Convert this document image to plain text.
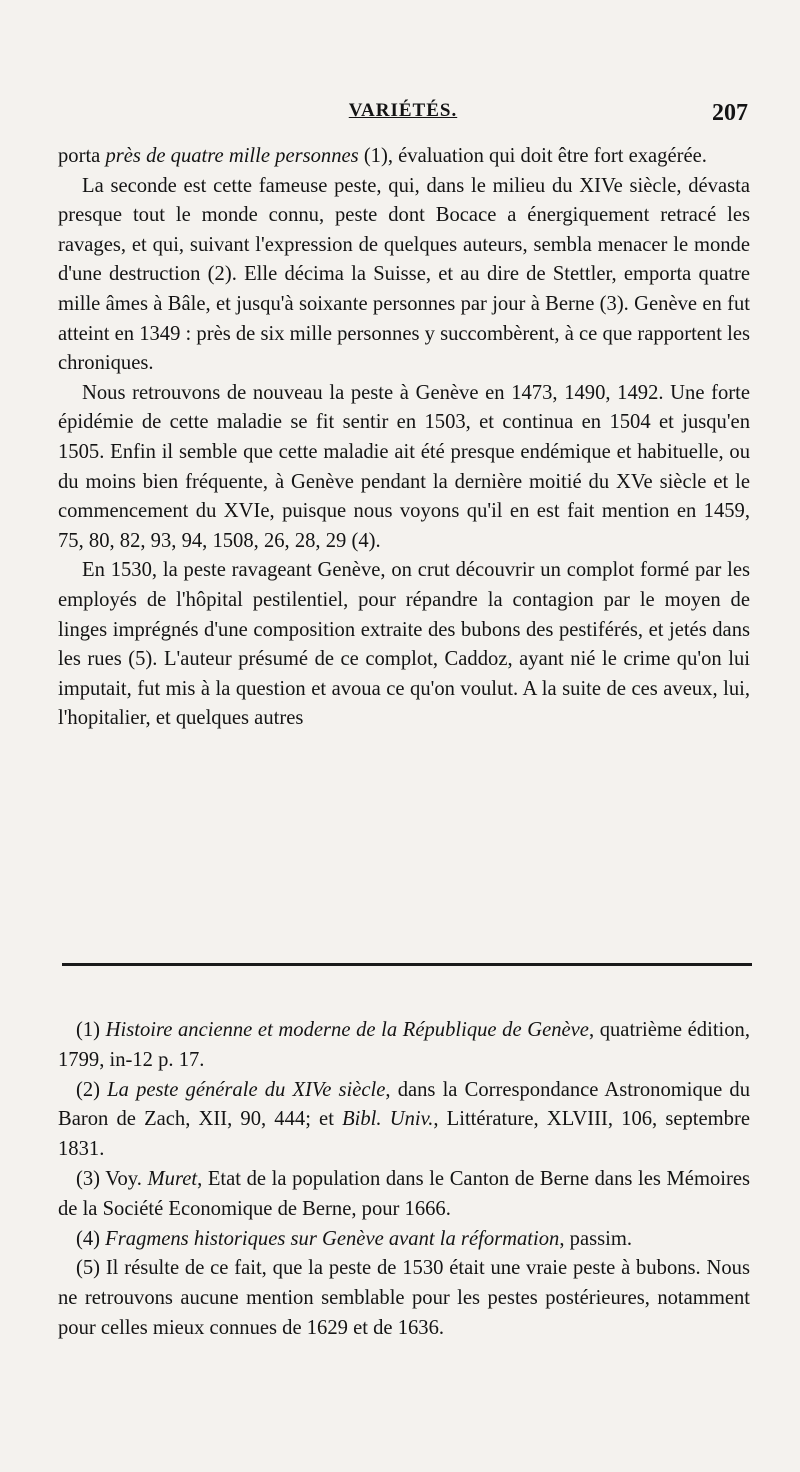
VARIÉTÉS.	207

porta près de quatre mille personnes (1), évaluation qui doit être fort exagérée.

La seconde est cette fameuse peste, qui, dans le milieu du XIVe siècle, dévasta presque tout le monde connu, peste dont Bocace a énergiquement retracé les ravages, et qui, suivant l'expression de quelques auteurs, sembla menacer le monde d'une destruction (2). Elle décima la Suisse, et au dire de Stettler, emporta quatre mille âmes à Bâle, et jusqu'à soixante personnes par jour à Berne (3). Genève en fut atteint en 1349 : près de six mille personnes y succombèrent, à ce que rapportent les chroniques.

Nous retrouvons de nouveau la peste à Genève en 1473, 1490, 1492. Une forte épidémie de cette maladie se fit sentir en 1503, et continua en 1504 et jusqu'en 1505. Enfin il semble que cette maladie ait été presque endémique et habituelle, ou du moins bien fréquente, à Genève pendant la dernière moitié du XVe siècle et le commencement du XVIe, puisque nous voyons qu'il en est fait mention en 1459, 75, 80, 82, 93, 94, 1508, 26, 28, 29 (4).

En 1530, la peste ravageant Genève, on crut découvrir un complot formé par les employés de l'hôpital pestilentiel, pour répandre la contagion par le moyen de linges imprégnés d'une composition extraite des bubons des pestiférés, et jetés dans les rues (5). L'auteur présumé de ce complot, Caddoz, ayant nié le crime qu'on lui imputait, fut mis à la question et avoua ce qu'on voulut. A la suite de ces aveux, lui, l'hopitalier, et quelques autres

(1) Histoire ancienne et moderne de la République de Genève, quatrième édition, 1799, in-12 p. 17.

(2) La peste générale du XIVe siècle, dans la Correspondance Astronomique du Baron de Zach, XII, 90, 444; et Bibl. Univ., Littérature, XLVIII, 106, septembre 1831.

(3) Voy. Muret, Etat de la population dans le Canton de Berne dans les Mémoires de la Société Economique de Berne, pour 1666.

(4) Fragmens historiques sur Genève avant la réformation, passim.

(5) Il résulte de ce fait, que la peste de 1530 était une vraie peste à bubons. Nous ne retrouvons aucune mention semblable pour les pestes postérieures, notamment pour celles mieux connues de 1629 et de 1636.
